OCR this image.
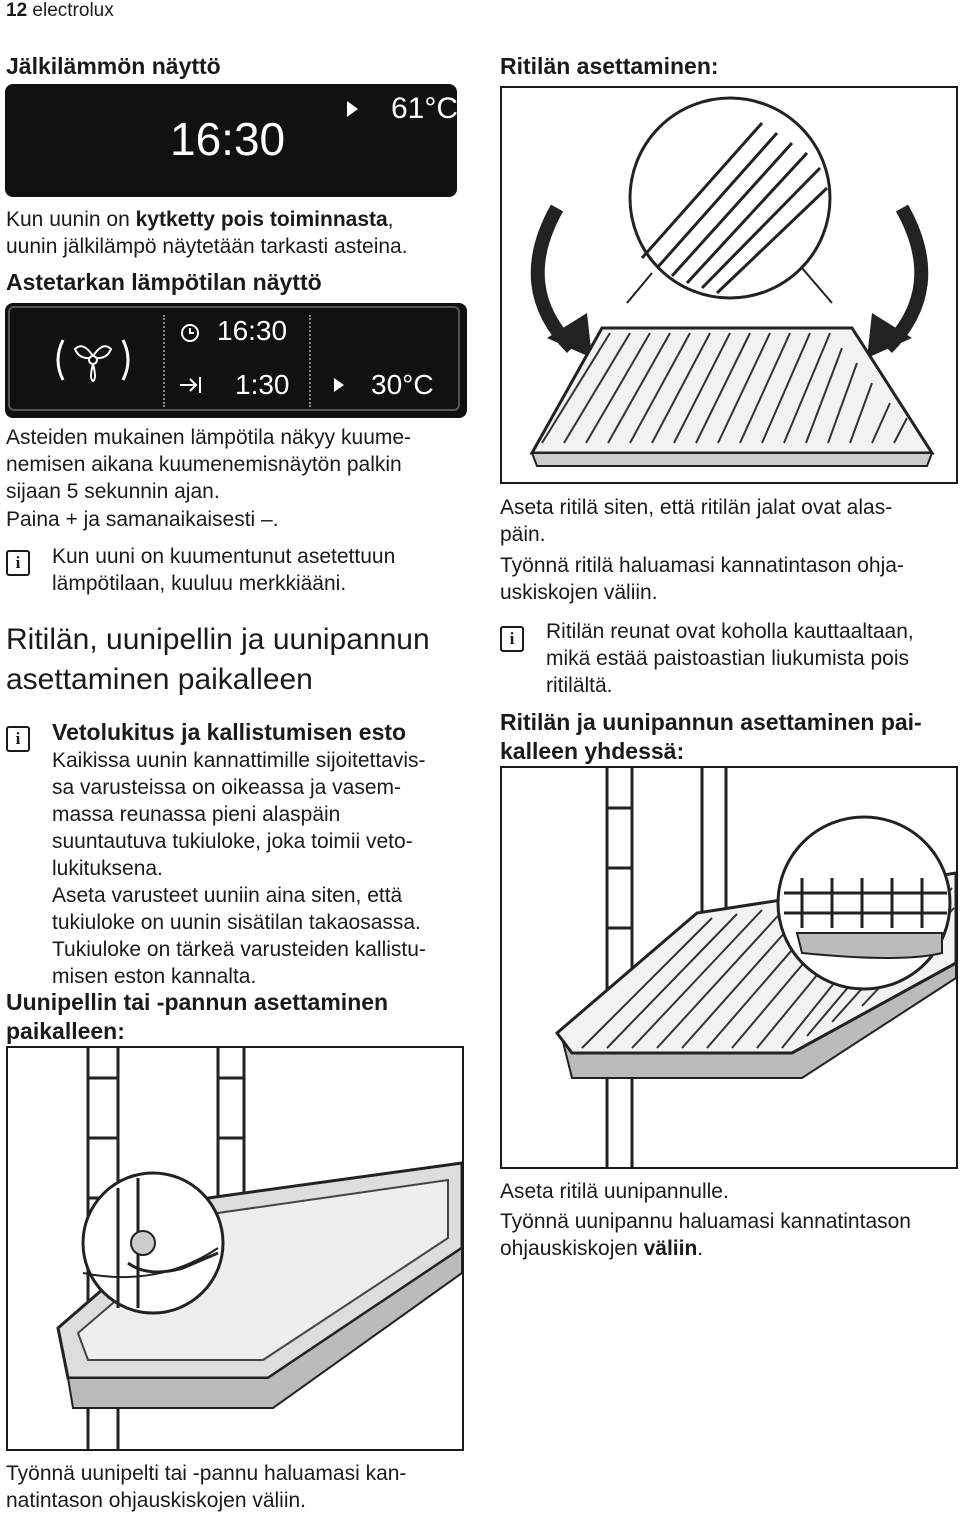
12 electrolux
Jälkilämmön näyttö
16:30
61°C
Kun uunin on kytketty pois toiminnasta,
uunin jälkilämpö näytetään tarkasti asteina.
Astetarkan lämpötilan näyttö
16:30
1:30	30°C
Asteiden mukainen lämpötila näkyy kuume-
nemisen aikana kuumenemisnäytön palkin
sijaan 5 sekunnin ajan.
Paina + ja samanaikaisesti –.
i	Kun uuni on kuumentunut asetettuun
lämpötilaan, kuuluu merkkiääni.
Ritilän, uunipellin ja uunipannun
asettaminen paikalleen
i	Vetolukitus ja kallistumisen esto
Kaikissa uunin kannattimille sijoitettavis-
sa varusteissa on oikeassa ja vasem-
massa reunassa pieni alaspäin
suuntautuva tukiuloke, joka toimii veto-
lukituksena.
Aseta varusteet uuniin aina siten, että
tukiuloke on uunin sisätilan takaosassa.
Tukiuloke on tärkeä varusteiden kallistu-
misen eston kannalta.
Uunipellin tai -pannun asettaminen
paikalleen:
Työnnä uunipelti tai -pannu haluamasi kan-
natintason ohjauskiskojen väliin.
Ritilän asettaminen:
Aseta ritilä siten, että ritilän jalat ovat alas-
päin.
Työnnä ritilä haluamasi kannatintason ohja-
uskiskojen väliin.
i	Ritilän reunat ovat koholla kauttaaltaan,
mikä estää paistoastian liukumista pois
ritilältä.
Ritilän ja uunipannun asettaminen pai-
kalleen yhdessä:
Aseta ritilä uunipannulle.
Työnnä uunipannu haluamasi kannatintason
ohjauskiskojen väliin.
